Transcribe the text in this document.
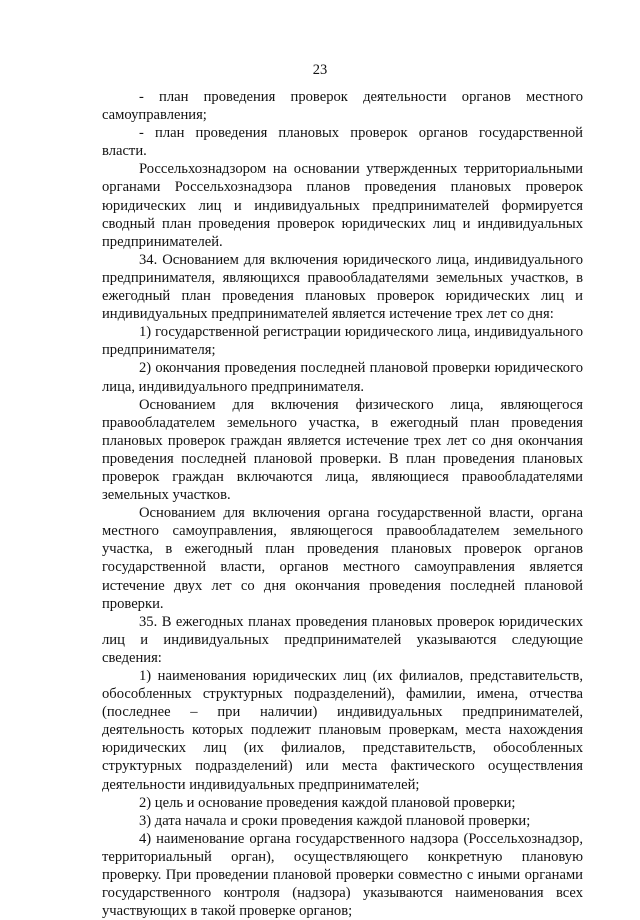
23

- план проведения проверок деятельности органов местного самоуправления;

- план проведения плановых проверок органов государственной власти.

Россельхознадзором на основании утвержденных территориальными органами Россельхознадзора планов проведения плановых проверок юридических лиц и индивидуальных предпринимателей формируется сводный план проведения проверок юридических лиц и индивидуальных предпринимателей.

34. Основанием для включения юридического лица, индивидуального предпринимателя, являющихся правообладателями земельных участков, в ежегодный план проведения плановых проверок юридических лиц и индивидуальных предпринимателей является истечение трех лет со дня:

1) государственной регистрации юридического лица, индивидуального предпринимателя;

2) окончания проведения последней плановой проверки юридического лица, индивидуального предпринимателя.

Основанием для включения физического лица, являющегося правообладателем земельного участка, в ежегодный план проведения плановых проверок граждан является истечение трех лет со дня окончания проведения последней плановой проверки. В план проведения плановых проверок граждан включаются лица, являющиеся правообладателями земельных участков.

Основанием для включения органа государственной власти, органа местного самоуправления, являющегося правообладателем земельного участка, в ежегодный план проведения плановых проверок органов государственной власти, органов местного самоуправления является истечение двух лет со дня окончания проведения последней плановой проверки.

35. В ежегодных планах проведения плановых проверок юридических лиц и индивидуальных предпринимателей указываются следующие сведения:

1) наименования юридических лиц (их филиалов, представительств, обособленных структурных подразделений), фамилии, имена, отчества (последнее – при наличии) индивидуальных предпринимателей, деятельность которых подлежит плановым проверкам, места нахождения юридических лиц (их филиалов, представительств, обособленных структурных подразделений) или места фактического осуществления деятельности индивидуальных предпринимателей;

2) цель и основание проведения каждой плановой проверки;

3) дата начала и сроки проведения каждой плановой проверки;

4) наименование органа государственного надзора (Россельхознадзор, территориальный орган), осуществляющего конкретную плановую проверку. При проведении плановой проверки совместно с иными органами государственного контроля (надзора) указываются наименования всех участвующих в такой проверке органов;
